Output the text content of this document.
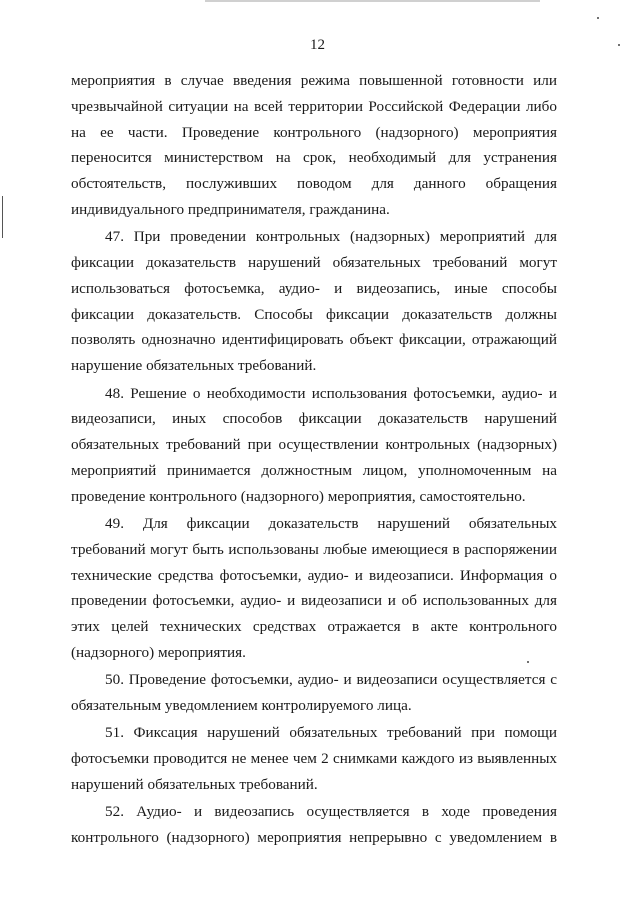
12

мероприятия в случае введения режима повышенной готовности или чрезвычайной ситуации на всей территории Российской Федерации либо на ее части. Проведение контрольного (надзорного) мероприятия переносится министерством на срок, необходимый для устранения обстоятельств, послуживших поводом для данного обращения индивидуального предпринимателя, гражданина.

47. При проведении контрольных (надзорных) мероприятий для фиксации доказательств нарушений обязательных требований могут использоваться фотосъемка, аудио- и видеозапись, иные способы фиксации доказательств. Способы фиксации доказательств должны позволять однозначно идентифицировать объект фиксации, отражающий нарушение обязательных требований.

48. Решение о необходимости использования фотосъемки, аудио- и видеозаписи, иных способов фиксации доказательств нарушений обязательных требований при осуществлении контрольных (надзорных) мероприятий принимается должностным лицом, уполномоченным на проведение контрольного (надзорного) мероприятия, самостоятельно.

49. Для фиксации доказательств нарушений обязательных требований могут быть использованы любые имеющиеся в распоряжении технические средства фотосъемки, аудио- и видеозаписи. Информация о проведении фотосъемки, аудио- и видеозаписи и об использованных для этих целей технических средствах отражается в акте контрольного (надзорного) мероприятия.

50. Проведение фотосъемки, аудио- и видеозаписи осуществляется с обязательным уведомлением контролируемого лица.

51. Фиксация нарушений обязательных требований при помощи фотосъемки проводится не менее чем 2 снимками каждого из выявленных нарушений обязательных требований.

52. Аудио- и видеозапись осуществляется в ходе проведения контрольного (надзорного) мероприятия непрерывно с уведомлением в
